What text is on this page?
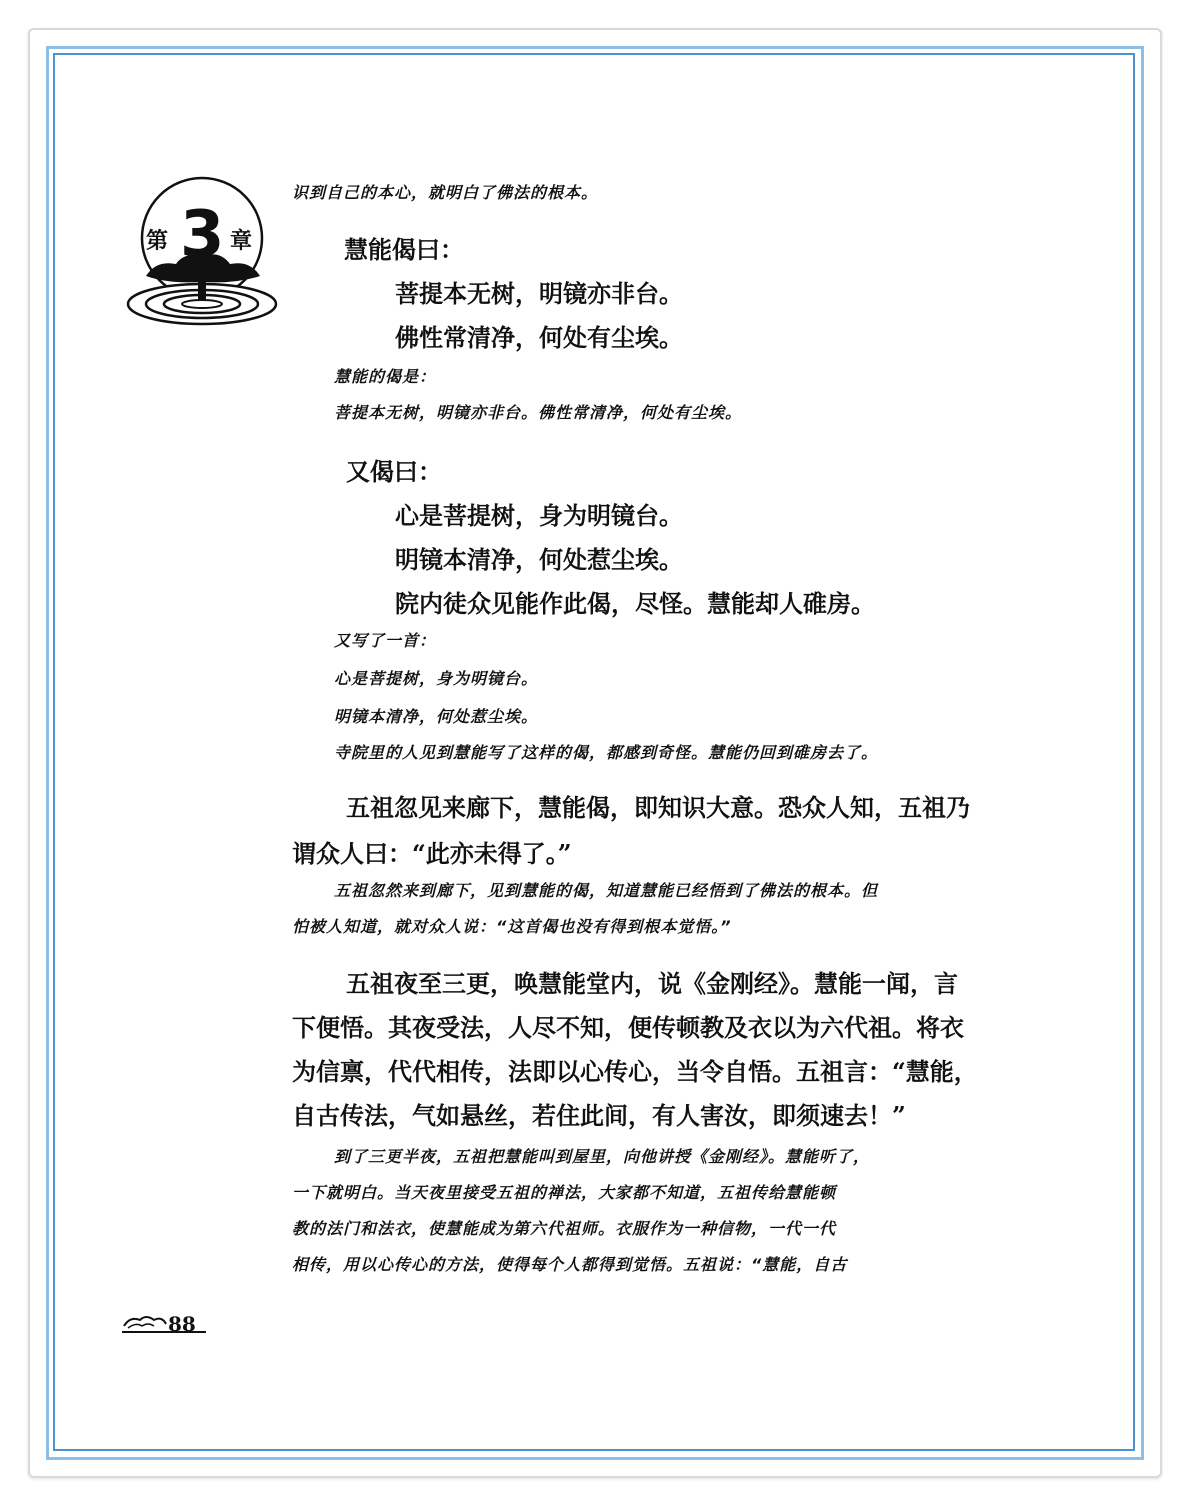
第 3 章
识到自己的本心，就明白了佛法的根本。
慧能偈曰：
菩提本无树，明镜亦非台。
佛性常清净，何处有尘埃。
慧能的偈是：
菩提本无树，明镜亦非台。佛性常清净，何处有尘埃。
又偈曰：
心是菩提树，身为明镜台。
明镜本清净，何处惹尘埃。
院内徒众见能作此偈，尽怪。慧能却人碓房。
又写了一首：
心是菩提树，身为明镜台。
明镜本清净，何处惹尘埃。
寺院里的人见到慧能写了这样的偈，都感到奇怪。慧能仍回到碓房去了。
五祖忽见来廊下，慧能偈，即知识大意。恐众人知，五祖乃
谓众人曰：“此亦未得了。”
五祖忽然来到廊下，见到慧能的偈，知道慧能已经悟到了佛法的根本。但
怕被人知道，就对众人说：“这首偈也没有得到根本觉悟。”
五祖夜至三更，唤慧能堂内，说《金刚经》。慧能一闻，言
下便悟。其夜受法，人尽不知，便传顿教及衣以为六代祖。将衣
为信禀，代代相传，法即以心传心，当令自悟。五祖言：“慧能，
自古传法，气如悬丝，若住此间，有人害汝，即须速去！”
到了三更半夜，五祖把慧能叫到屋里，向他讲授《金刚经》。慧能听了，
一下就明白。当天夜里接受五祖的禅法，大家都不知道，五祖传给慧能顿
教的法门和法衣，使慧能成为第六代祖师。衣服作为一种信物，一代一代
相传，用以心传心的方法，使得每个人都得到觉悟。五祖说：“慧能，自古
88
